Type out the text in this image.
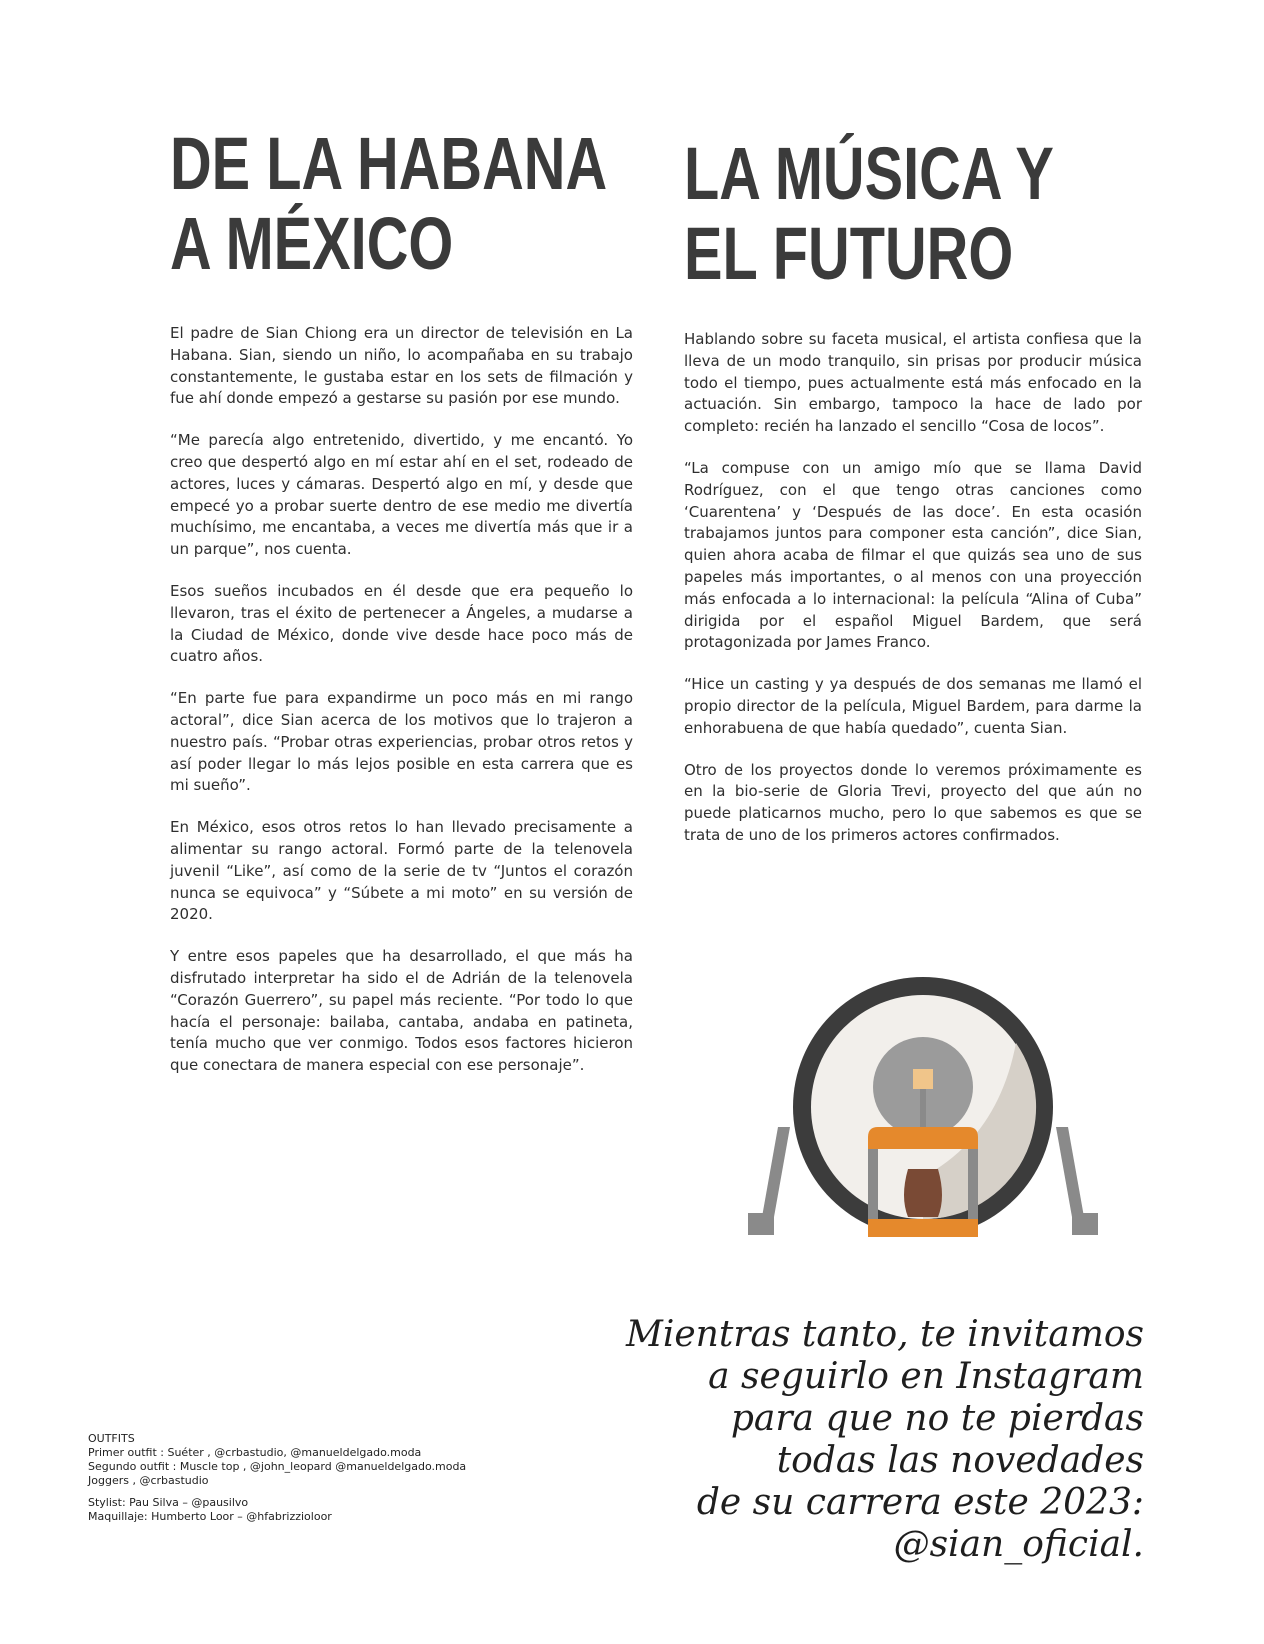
DE LA HABANA
A MÉXICO
LA MÚSICA Y
EL FUTURO

El padre de Sian Chiong era un director de televisión en La Habana. Sian, siendo un niño, lo acompañaba en su trabajo constantemente, le gustaba estar en los sets de filmación y fue ahí donde empezó a gestarse su pasión por ese mundo.

“Me parecía algo entretenido, divertido, y me encantó. Yo creo que despertó algo en mí estar ahí en el set, rodeado de actores, luces y cámaras. Despertó algo en mí, y desde que empecé yo a probar suerte dentro de ese medio me divertía muchísimo, me encantaba, a veces me divertía más que ir a un parque”, nos cuenta.

Esos sueños incubados en él desde que era pequeño lo llevaron, tras el éxito de pertenecer a Ángeles, a mudarse a la Ciudad de México, donde vive desde hace poco más de cuatro años.

“En parte fue para expandirme un poco más en mi rango actoral”, dice Sian acerca de los motivos que lo trajeron a nuestro país. “Probar otras experiencias, probar otros retos y así poder llegar lo más lejos posible en esta carrera que es mi sueño”.

En México, esos otros retos lo han llevado precisamente a alimentar su rango actoral. Formó parte de la telenovela juvenil “Like”, así como de la serie de tv “Juntos el corazón nunca se equivoca” y “Súbete a mi moto” en su versión de 2020.

Y entre esos papeles que ha desarrollado, el que más ha disfrutado interpretar ha sido el de Adrián de la telenovela “Corazón Guerrero”, su papel más reciente. “Por todo lo que hacía el personaje: bailaba, cantaba, andaba en patineta, tenía mucho que ver conmigo. Todos esos factores hicieron que conectara de manera especial con ese personaje”.

Hablando sobre su faceta musical, el artista confiesa que la lleva de un modo tranquilo, sin prisas por producir música todo el tiempo, pues actualmente está más enfocado en la actuación. Sin embargo, tampoco la hace de lado por completo: recién ha lanzado el sencillo “Cosa de locos”.

“La compuse con un amigo mío que se llama David Rodríguez, con el que tengo otras canciones como ‘Cuarentena’ y ‘Después de las doce’. En esta ocasión trabajamos juntos para componer esta canción”, dice Sian, quien ahora acaba de filmar el que quizás sea uno de sus papeles más importantes, o al menos con una proyección más enfocada a lo internacional: la película “Alina of Cuba” dirigida por el español Miguel Bardem, que será protagonizada por James Franco.

“Hice un casting y ya después de dos semanas me llamó el propio director de la película, Miguel Bardem, para darme la enhorabuena de que había quedado”, cuenta Sian.

Otro de los proyectos donde lo veremos próximamente es en la bio-serie de Gloria Trevi, proyecto del que aún no puede platicarnos mucho, pero lo que sabemos es que se trata de uno de los primeros actores confirmados.

Mientras tanto, te invitamos
a seguirlo en Instagram
para que no te pierdas
todas las novedades
de su carrera este 2023:
@sian_oficial.
OUTFITS
Primer outfit : Suéter , @crbastudio, @manueldelgado.moda
Segundo outfit : Muscle top , @john_leopard @manueldelgado.moda
Joggers , @crbastudio
Stylist: Pau Silva – @pausilvo
Maquillaje: Humberto Loor – @hfabrizzioloor
